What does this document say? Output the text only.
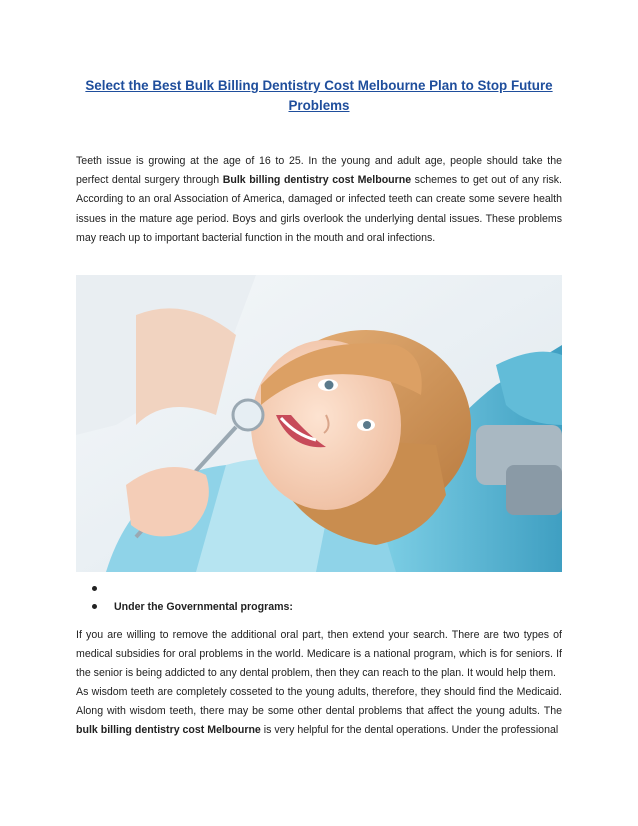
Select the Best Bulk Billing Dentistry Cost Melbourne Plan to Stop Future Problems

Teeth issue is growing at the age of 16 to 25. In the young and adult age, people should take the perfect dental surgery through Bulk billing dentistry cost Melbourne schemes to get out of any risk. According to an oral Association of America, damaged or infected teeth can create some severe health issues in the mature age period. Boys and girls overlook the underlying dental issues. These problems may reach up to important bacterial function in the mouth and oral infections.

Under the Governmental programs:

If you are willing to remove the additional oral part, then extend your search. There are two types of medical subsidies for oral problems in the world. Medicare is a national program, which is for seniors. If the senior is being addicted to any dental problem, then they can reach to the plan. It would help them.

As wisdom teeth are completely cosseted to the young adults, therefore, they should find the Medicaid. Along with wisdom teeth, there may be some other dental problems that affect the young adults. The bulk billing dentistry cost Melbourne is very helpful for the dental operations. Under the professional
